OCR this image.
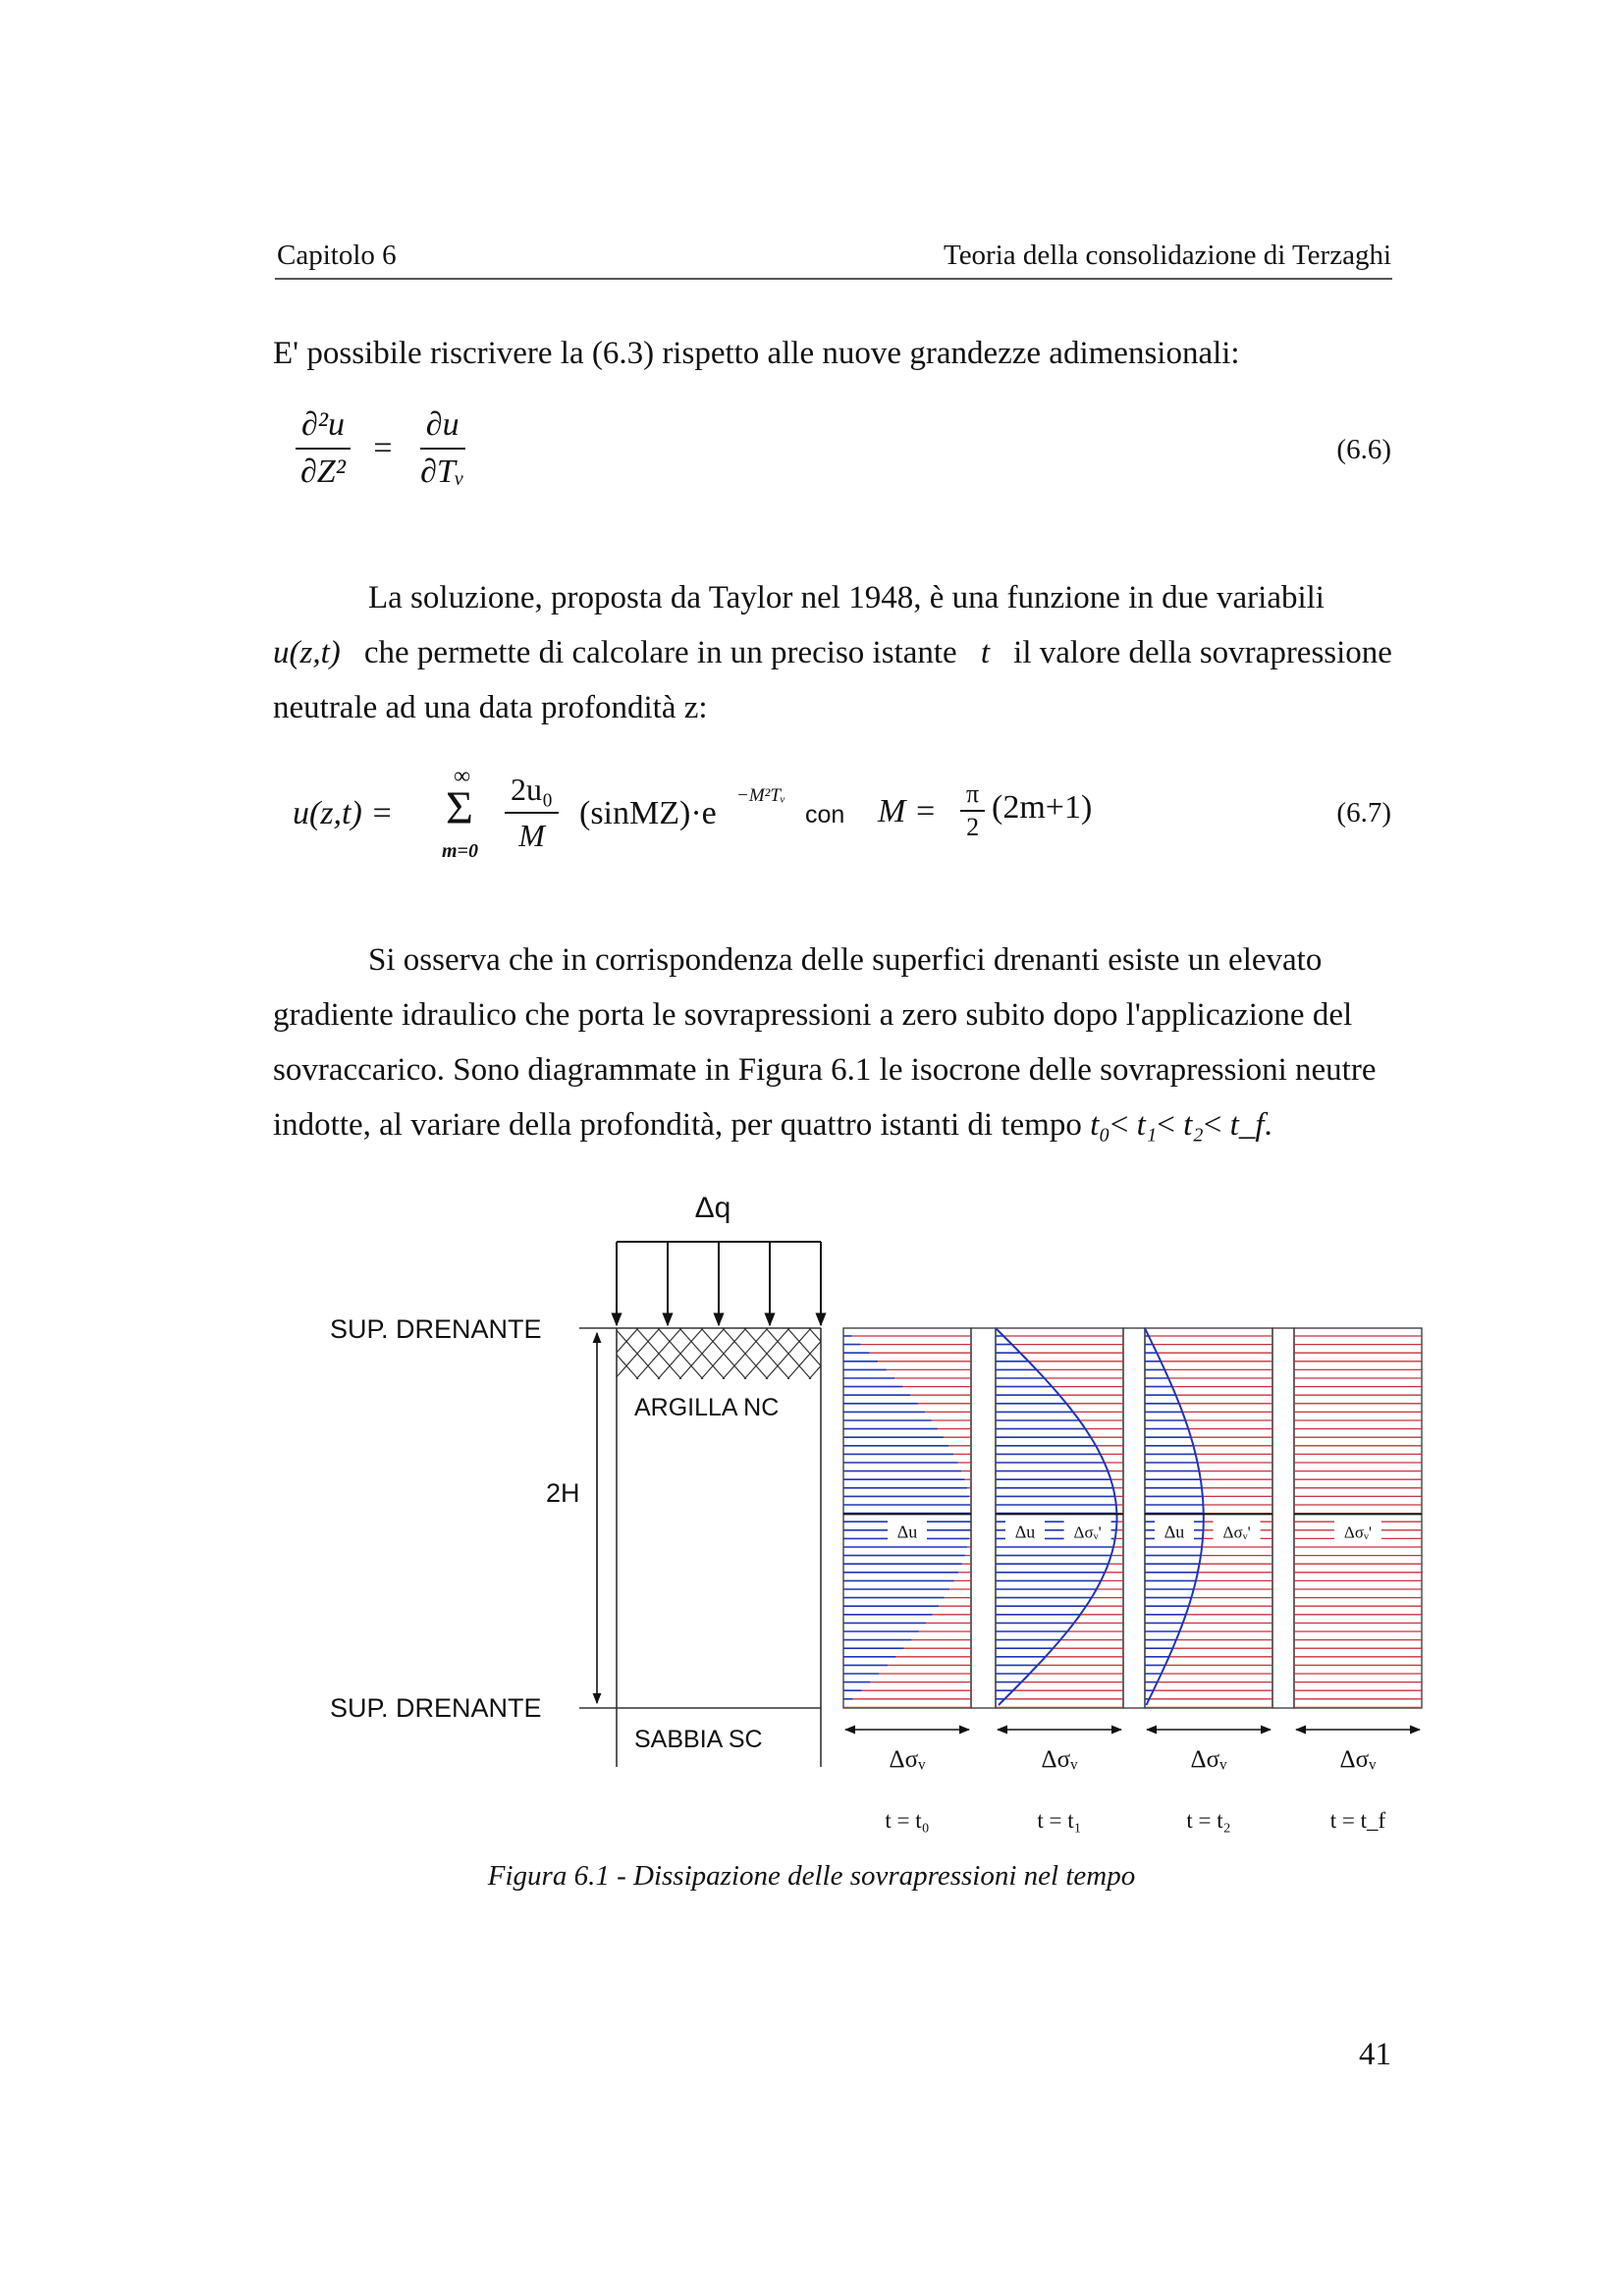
Capitolo 6	Teoria della consolidazione di Terzaghi
E' possibile riscrivere la (6.3) rispetto alle nuove grandezze adimensionali:
$\frac{\text{∂²u}}{\text{∂Z²}} = \frac{\partial u}{\text{∂Tᵥ}}$	(6.6)
La soluzione, proposta da Taylor nel 1948, è una funzione in due variabili
u(z,t) che permette di calcolare in un preciso istante t il valore della sovrapressione
neutrale ad una data profondità z:
u(z,t) =
∞
Σ
$m=0 \frac{\text{2u₀}}{M}$ (sinMZ)·e −M²Tᵥ
con $M = \frac{\pi}{2} (2m+1)$	(6.7)
Si osserva che in corrispondenza delle superfici drenanti esiste un elevato
gradiente idraulico che porta le sovrapressioni a zero subito dopo l'applicazione del
sovraccarico. Sono diagrammate in Figura 6.1 le isocrone delle sovrapressioni neutre
indotte, al variare della profondità, per quattro istanti di tempo t₀< t₁< t₂< t_f.
Δq
SUP. DRENANTE
SUP. DRENANTE
2H
ARGILLA NC
SABBIA SC
Δu
Δσᵥ
t = t₀
Δu Δσᵥ'
Δσᵥ
t = t₁
Δu Δσᵥ'
Δσᵥ
t = t₂
Δσᵥ'
Δσᵥ
t = t_f
Figura 6.1 - Dissipazione delle sovrapressioni nel tempo
41
